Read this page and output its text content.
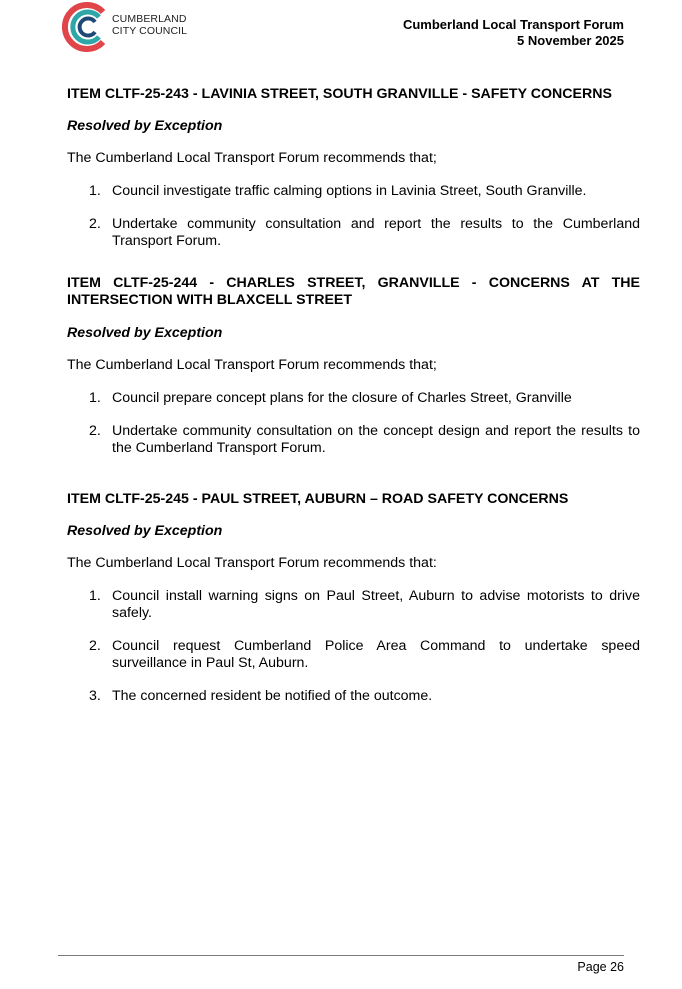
CUMBERLAND
CITY COUNCIL	Cumberland Local Transport Forum
5 November 2025

ITEM CLTF-25-243 - LAVINIA STREET, SOUTH GRANVILLE - SAFETY CONCERNS

Resolved by Exception

The Cumberland Local Transport Forum recommends that;

1. Council investigate traffic calming options in Lavinia Street, South Granville.
2. Undertake community consultation and report the results to the Cumberland Transport Forum.

ITEM CLTF-25-244 - CHARLES STREET, GRANVILLE - CONCERNS AT THE INTERSECTION WITH BLAXCELL STREET

Resolved by Exception

The Cumberland Local Transport Forum recommends that;

1. Council prepare concept plans for the closure of Charles Street, Granville
2. Undertake community consultation on the concept design and report the results to the Cumberland Transport Forum.

ITEM CLTF-25-245 - PAUL STREET, AUBURN – ROAD SAFETY CONCERNS

Resolved by Exception

The Cumberland Local Transport Forum recommends that:

1. Council install warning signs on Paul Street, Auburn to advise motorists to drive safely.
2. Council request Cumberland Police Area Command to undertake speed surveillance in Paul St, Auburn.
3. The concerned resident be notified of the outcome.
Page 26
